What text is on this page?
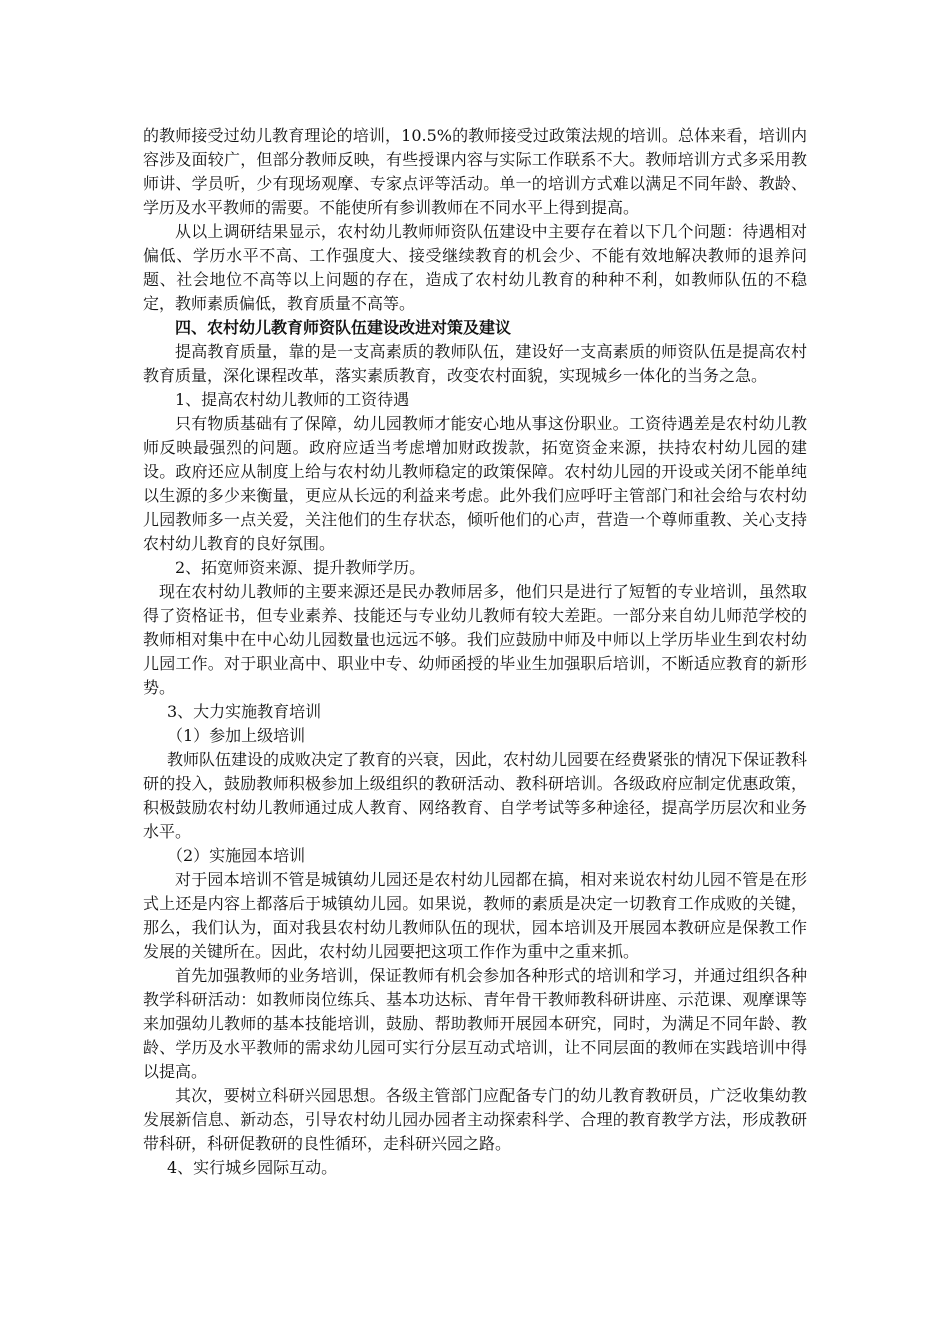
的教师接受过幼儿教育理论的培训，10.5%的教师接受过政策法规的培训。总体来看，培训内容涉及面较广，但部分教师反映，有些授课内容与实际工作联系不大。教师培训方式多采用教师讲、学员听，少有现场观摩、专家点评等活动。单一的培训方式难以满足不同年龄、教龄、学历及水平教师的需要。不能使所有参训教师在不同水平上得到提高。

从以上调研结果显示，农村幼儿教师师资队伍建设中主要存在着以下几个问题：待遇相对偏低、学历水平不高、工作强度大、接受继续教育的机会少、不能有效地解决教师的退养问题、社会地位不高等以上问题的存在，造成了农村幼儿教育的种种不利，如教师队伍的不稳定，教师素质偏低，教育质量不高等。

四、农村幼儿教育师资队伍建设改进对策及建议

提高教育质量，靠的是一支高素质的教师队伍，建设好一支高素质的师资队伍是提高农村教育质量，深化课程改革，落实素质教育，改变农村面貌，实现城乡一体化的当务之急。

1、提高农村幼儿教师的工资待遇

只有物质基础有了保障，幼儿园教师才能安心地从事这份职业。工资待遇差是农村幼儿教师反映最强烈的问题。政府应适当考虑增加财政拨款，拓宽资金来源，扶持农村幼儿园的建设。政府还应从制度上给与农村幼儿教师稳定的政策保障。农村幼儿园的开设或关闭不能单纯以生源的多少来衡量，更应从长远的利益来考虑。此外我们应呼吁主管部门和社会给与农村幼儿园教师多一点关爱，关注他们的生存状态，倾听他们的心声，营造一个尊师重教、关心支持农村幼儿教育的良好氛围。

2、拓宽师资来源、提升教师学历。

现在农村幼儿教师的主要来源还是民办教师居多，他们只是进行了短暂的专业培训，虽然取得了资格证书，但专业素养、技能还与专业幼儿教师有较大差距。一部分来自幼儿师范学校的教师相对集中在中心幼儿园数量也远远不够。我们应鼓励中师及中师以上学历毕业生到农村幼儿园工作。对于职业高中、职业中专、幼师函授的毕业生加强职后培训，不断适应教育的新形势。

3、大力实施教育培训

（1）参加上级培训

教师队伍建设的成败决定了教育的兴衰，因此，农村幼儿园要在经费紧张的情况下保证教科研的投入，鼓励教师积极参加上级组织的教研活动、教科研培训。各级政府应制定优惠政策，积极鼓励农村幼儿教师通过成人教育、网络教育、自学考试等多种途径，提高学历层次和业务水平。

（2）实施园本培训

对于园本培训不管是城镇幼儿园还是农村幼儿园都在搞，相对来说农村幼儿园不管是在形式上还是内容上都落后于城镇幼儿园。如果说，教师的素质是决定一切教育工作成败的关键，那么，我们认为，面对我县农村幼儿教师队伍的现状，园本培训及开展园本教研应是保教工作发展的关键所在。因此，农村幼儿园要把这项工作作为重中之重来抓。

首先加强教师的业务培训，保证教师有机会参加各种形式的培训和学习，并通过组织各种教学科研活动：如教师岗位练兵、基本功达标、青年骨干教师教科研讲座、示范课、观摩课等来加强幼儿教师的基本技能培训，鼓励、帮助教师开展园本研究，同时，为满足不同年龄、教龄、学历及水平教师的需求幼儿园可实行分层互动式培训，让不同层面的教师在实践培训中得以提高。

其次，要树立科研兴园思想。各级主管部门应配备专门的幼儿教育教研员，广泛收集幼教发展新信息、新动态，引导农村幼儿园办园者主动探索科学、合理的教育教学方法，形成教研带科研，科研促教研的良性循环，走科研兴园之路。

4、实行城乡园际互动。
